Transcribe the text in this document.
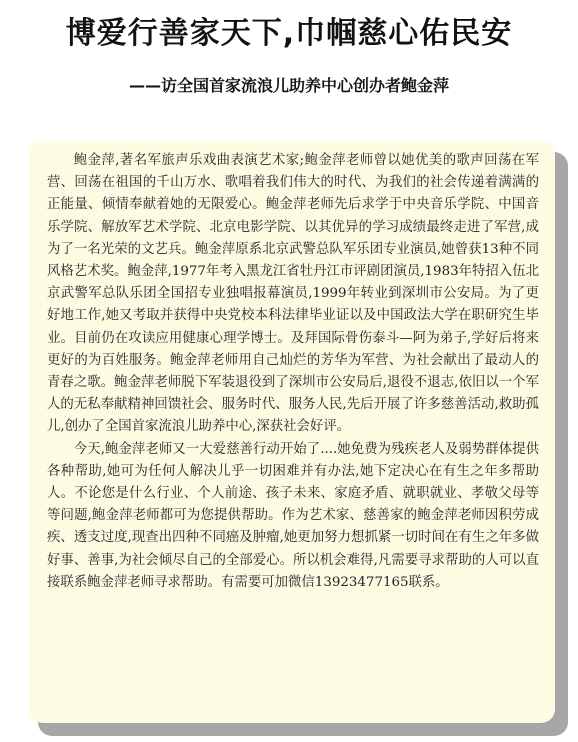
博爱行善家天下,巾帼慈心佑民安
——访全国首家流浪儿助养中心创办者鲍金萍

鲍金萍,著名军旅声乐戏曲表演艺术家;鲍金萍老师曾以她优美的歌声回荡在军营、回荡在祖国的千山万水、歌唱着我们伟大的时代、为我们的社会传递着满满的正能量、倾情奉献着她的无限爱心。鲍金萍老师先后求学于中央音乐学院、中国音乐学院、解放军艺术学院、北京电影学院、以其优异的学习成绩最终走进了军营,成为了一名光荣的文艺兵。鲍金萍原系北京武警总队军乐团专业演员,她曾获13种不同风格艺术奖。鲍金萍,1977年考入黑龙江省牡丹江市评剧团演员,1983年特招入伍北京武警军总队乐团全国招专业独唱报幕演员,1999年转业到深圳市公安局。为了更好地工作,她又考取并获得中央党校本科法律毕业证以及中国政法大学在职研究生毕业。目前仍在攻读应用健康心理学博士。及拜国际骨伤泰斗—阿为弟子,学好后将来更好的为百姓服务。鲍金萍老师用自己灿烂的芳华为军营、为社会献出了最动人的青春之歌。鲍金萍老师脱下军装退役到了深圳市公安局后,退役不退志,依旧以一个军人的无私奉献精神回馈社会、服务时代、服务人民,先后开展了许多慈善活动,救助孤儿,创办了全国首家流浪儿助养中心,深获社会好评。

今天,鲍金萍老师又一大爱慈善行动开始了....她免费为残疾老人及弱势群体提供各种帮助,她可为任何人解决儿乎一切困难并有办法,她下定决心在有生之年多帮助人。不论您是什么行业、个人前途、孩子未来、家庭矛盾、就职就业、孝敬父母等等问题,鲍金萍老师都可为您提供帮助。作为艺术家、慈善家的鲍金萍老师因积劳成疾、透支过度,现查出四种不同癌及肿瘤,她更加努力想抓紧一切时间在有生之年多做好事、善事,为社会倾尽自己的全部爱心。所以机会难得,凡需要寻求帮助的人可以直接联系鲍金萍老师寻求帮助。有需要可加微信13923477165联系。
